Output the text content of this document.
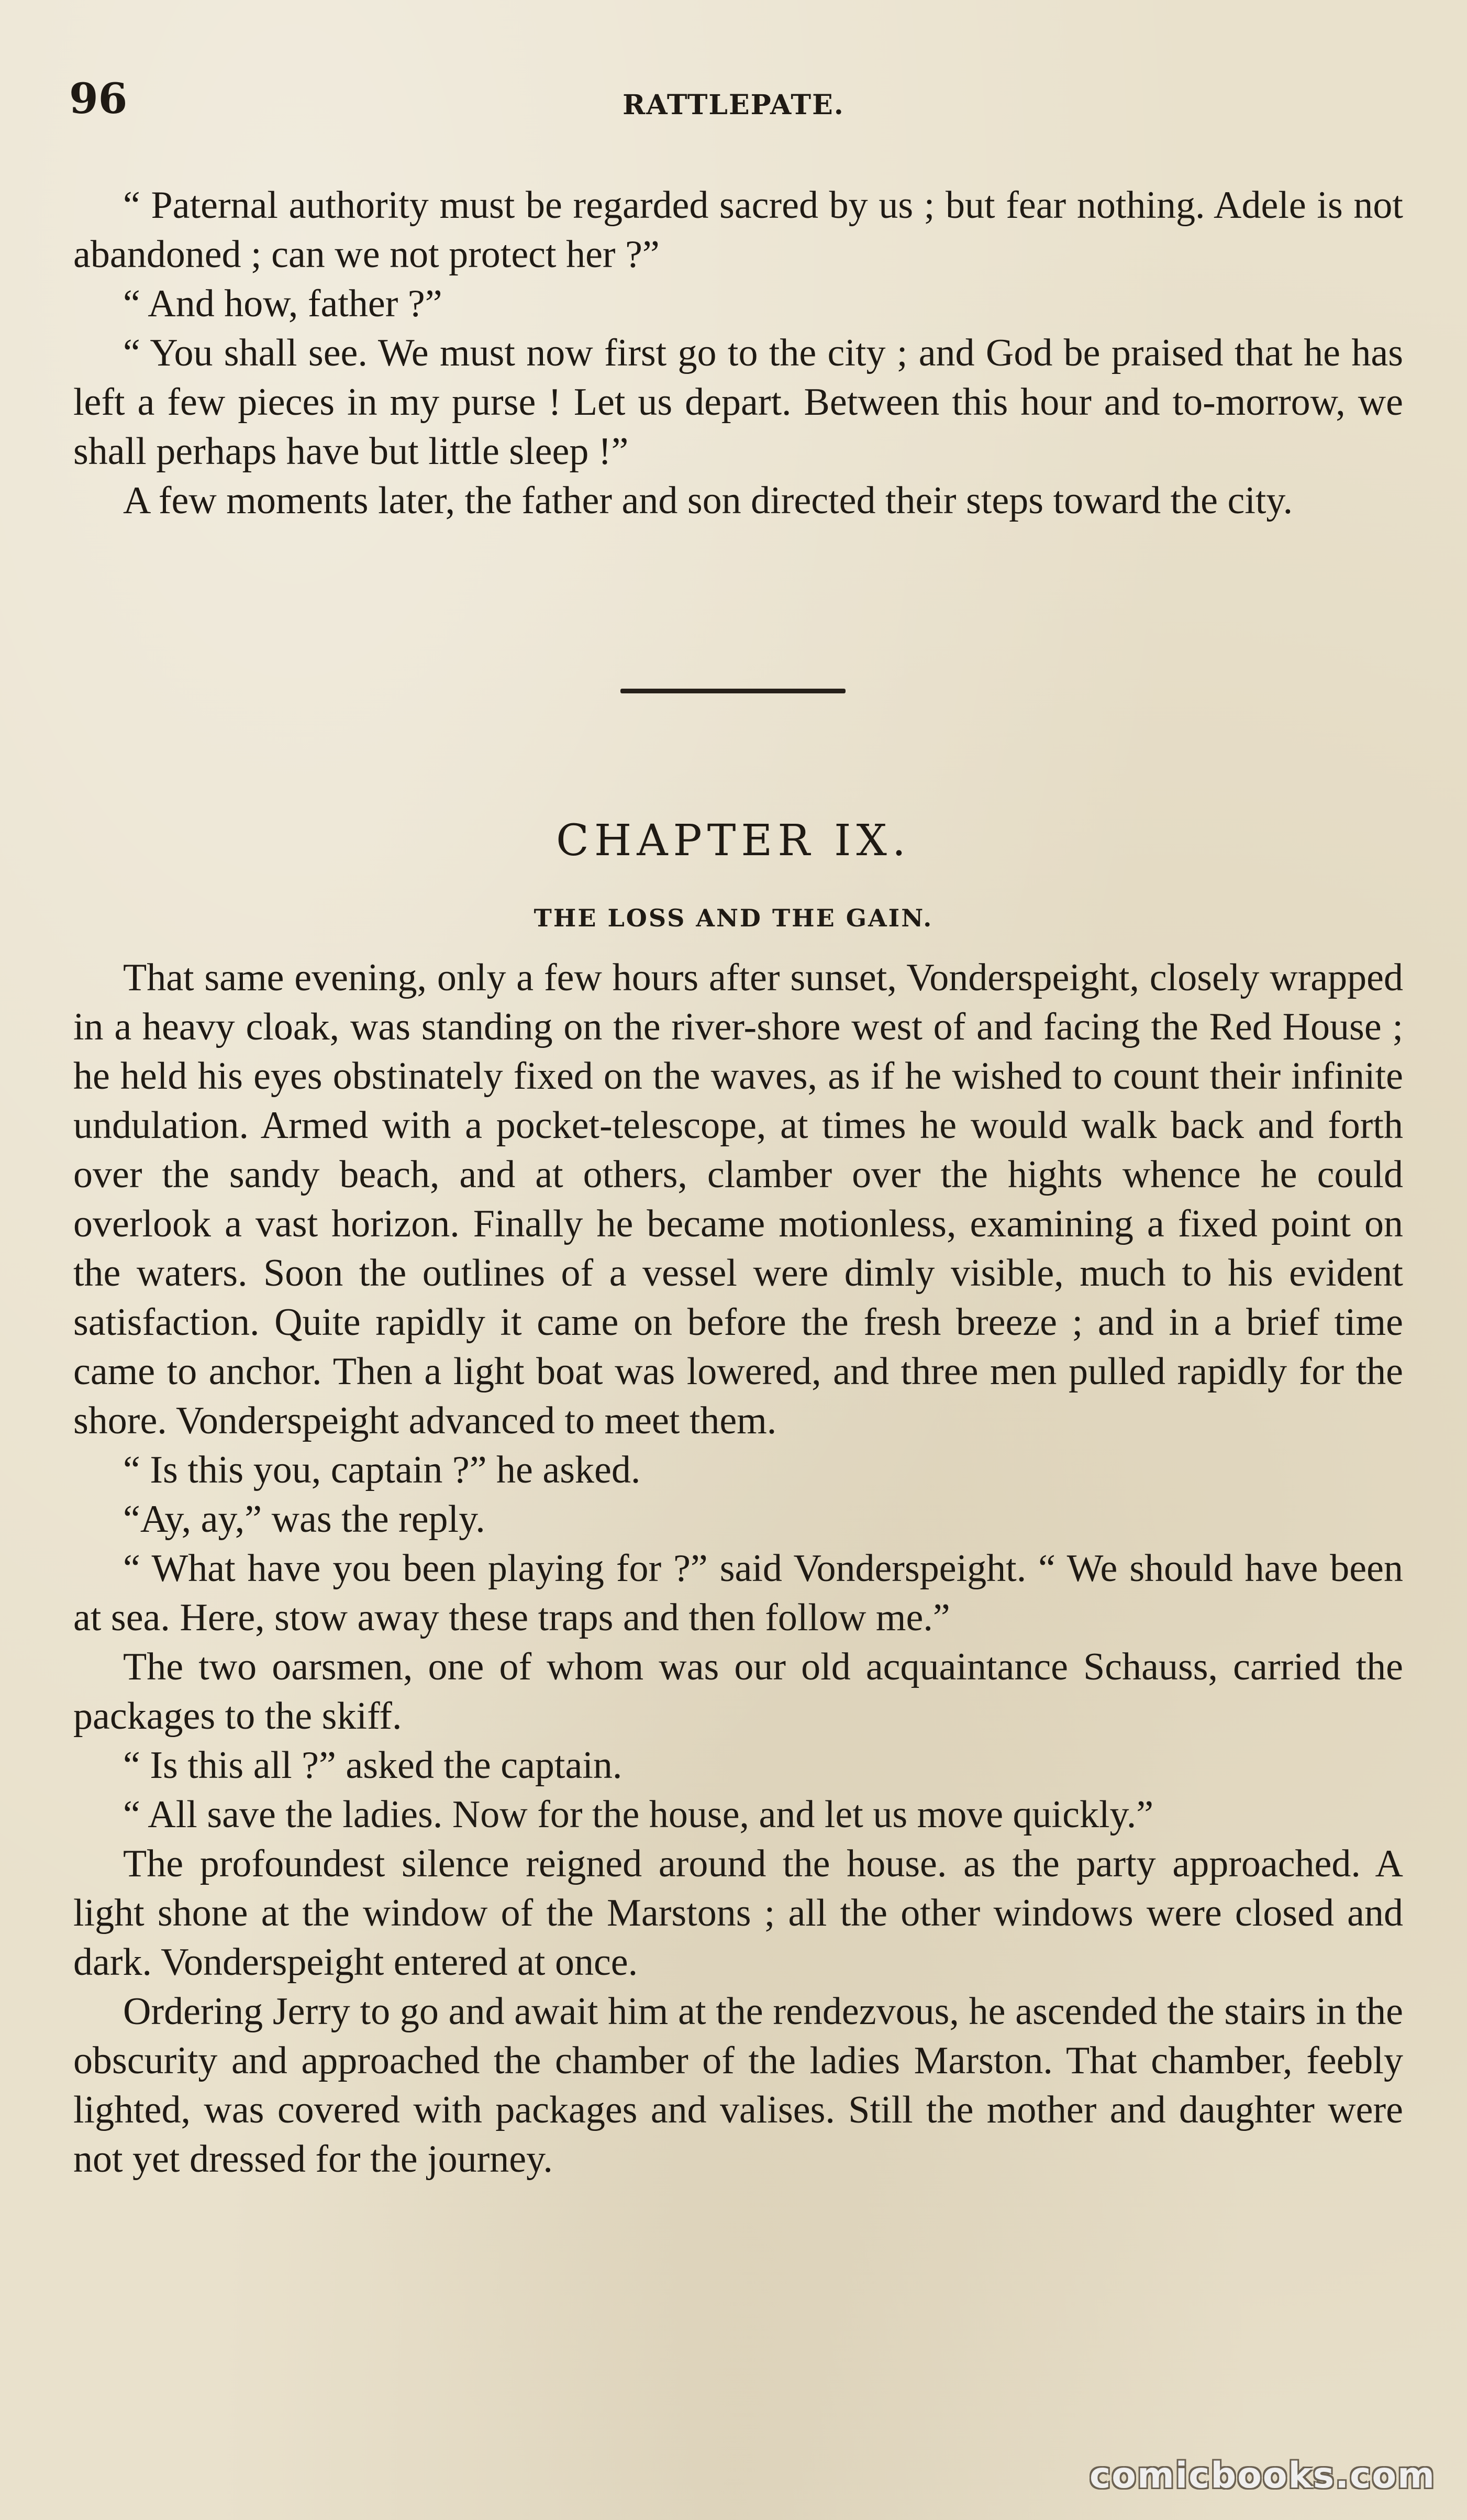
96	RATTLEPATE.

“ Paternal authority must be regarded sacred by us ; but fear nothing. Adele is not abandoned ; can we not protect her ?”

“ And how, father ?”

“ You shall see. We must now first go to the city ; and God be praised that he has left a few pieces in my purse ! Let us depart. Between this hour and to-morrow, we shall perhaps have but little sleep !”

A few moments later, the father and son directed their steps toward the city.

CHAPTER IX.
THE LOSS AND THE GAIN.

That same evening, only a few hours after sunset, Vonderspeight, closely wrapped in a heavy cloak, was standing on the river-shore west of and facing the Red House ; he held his eyes obstinately fixed on the waves, as if he wished to count their infinite undulation. Armed with a pocket-telescope, at times he would walk back and forth over the sandy beach, and at others, clamber over the hights whence he could overlook a vast horizon. Finally he became motionless, examining a fixed point on the waters. Soon the outlines of a vessel were dimly visible, much to his evident satisfaction. Quite rapidly it came on before the fresh breeze ; and in a brief time came to anchor. Then a light boat was lowered, and three men pulled rapidly for the shore. Vonderspeight advanced to meet them.

“ Is this you, captain ?” he asked.

“Ay, ay,” was the reply.

“ What have you been playing for ?” said Vonderspeight. “ We should have been at sea. Here, stow away these traps and then follow me.”

The two oarsmen, one of whom was our old acquaintance Schauss, carried the packages to the skiff.

“ Is this all ?” asked the captain.

“ All save the ladies. Now for the house, and let us move quickly.”

The profoundest silence reigned around the house. as the party approached. A light shone at the window of the Marstons ; all the other windows were closed and dark. Vonderspeight entered at once.

Ordering Jerry to go and await him at the rendezvous, he ascended the stairs in the obscurity and approached the chamber of the ladies Marston. That chamber, feebly lighted, was covered with packages and valises. Still the mother and daughter were not yet dressed for the journey.

comicbooks.com
